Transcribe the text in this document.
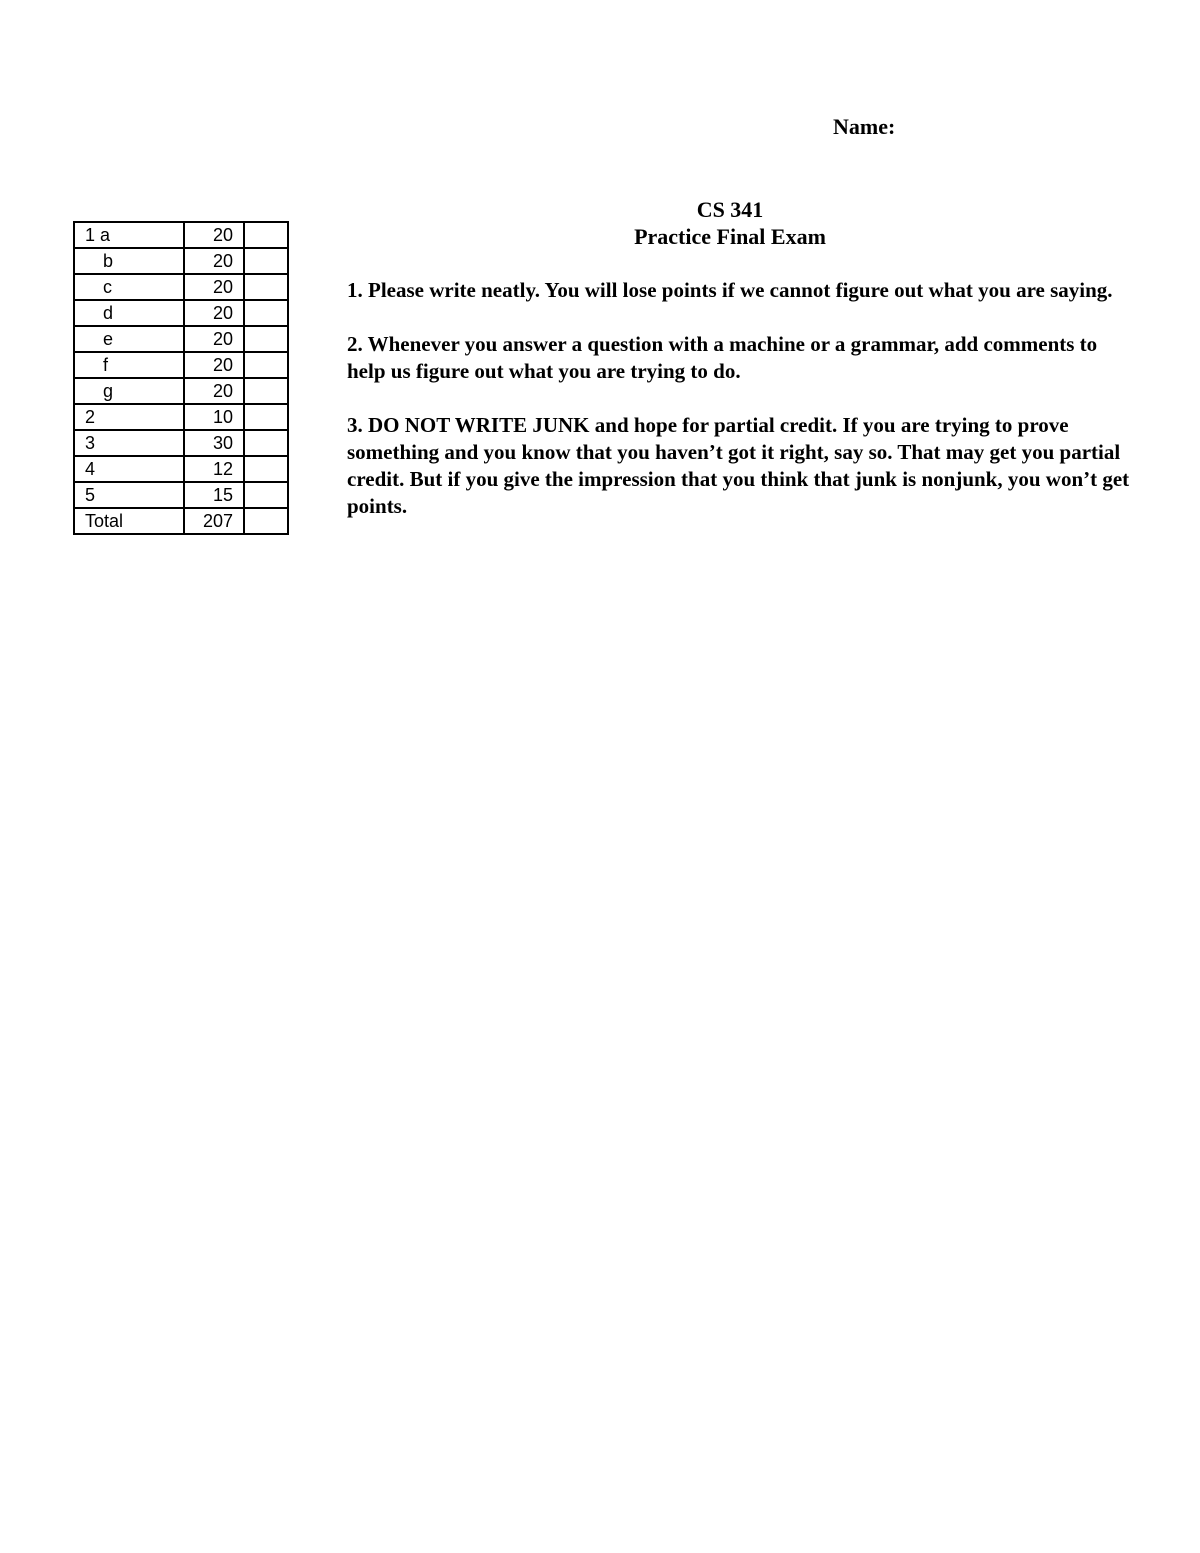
Name:
CS 341
Practice Final Exam
1 a	20	
b	20	
c	20	
d	20	
e	20	
f	20	
g	20	
2	10	
3	30	
4	12	
5	15	
Total	207	

1. Please write neatly. You will lose points if we cannot figure out what you are saying.

2. Whenever you answer a question with a machine or a grammar, add comments to help us figure out what you are trying to do.

3. DO NOT WRITE JUNK and hope for partial credit. If you are trying to prove something and you know that you haven’t got it right, say so. That may get you partial credit. But if you give the impression that you think that junk is nonjunk, you won’t get points.
